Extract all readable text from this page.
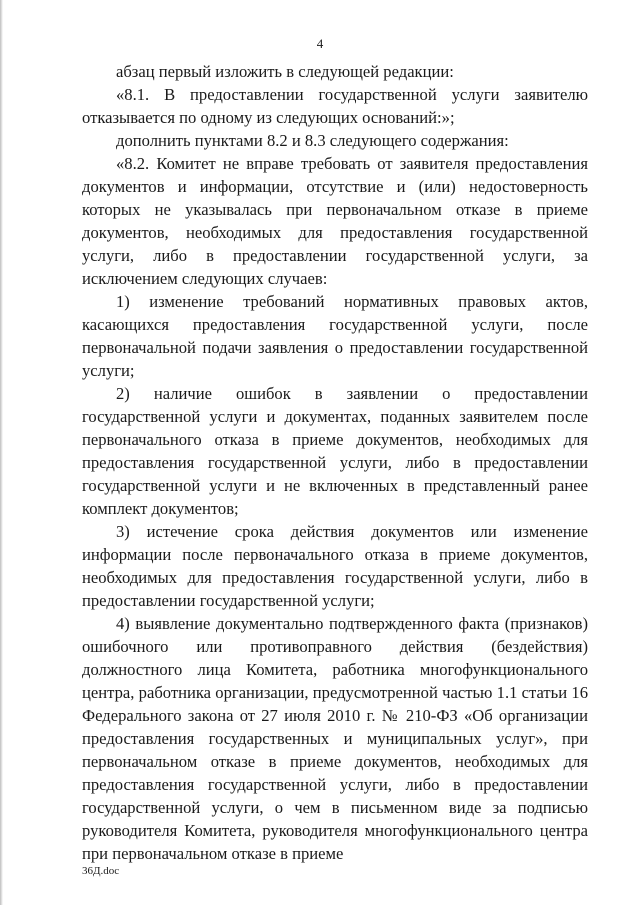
4

абзац первый изложить в следующей редакции:

«8.1. В предоставлении государственной услуги заявителю отказывается по одному из следующих оснований:»;

дополнить пунктами 8.2 и 8.3 следующего содержания:

«8.2. Комитет не вправе требовать от заявителя предоставления документов и информации, отсутствие и (или) недостоверность которых не указывалась при первоначальном отказе в приеме документов, необходимых для предоставления государственной услуги, либо в предоставлении государственной услуги, за исключением следующих случаев:

1) изменение требований нормативных правовых актов, касающихся предоставления государственной услуги, после первоначальной подачи заявления о предоставлении государственной услуги;

2) наличие ошибок в заявлении о предоставлении государственной услуги и документах, поданных заявителем после первоначального отказа в приеме документов, необходимых для предоставления государственной услуги, либо в предоставлении государственной услуги и не включенных в представленный ранее комплект документов;

3) истечение срока действия документов или изменение информации после первоначального отказа в приеме документов, необходимых для предоставления государственной услуги, либо в предоставлении государственной услуги;

4) выявление документально подтвержденного факта (признаков) ошибочного или противоправного действия (бездействия) должностного лица Комитета, работника многофункционального центра, работника организации, предусмотренной частью 1.1 статьи 16 Федерального закона от 27 июля 2010 г. № 210-ФЗ «Об организации предоставления государственных и муниципальных услуг», при первоначальном отказе в приеме документов, необходимых для предоставления государственной услуги, либо в предоставлении государственной услуги, о чем в письменном виде за подписью руководителя Комитета, руководителя многофункционального центра при первоначальном отказе в приеме

36Д.doc
